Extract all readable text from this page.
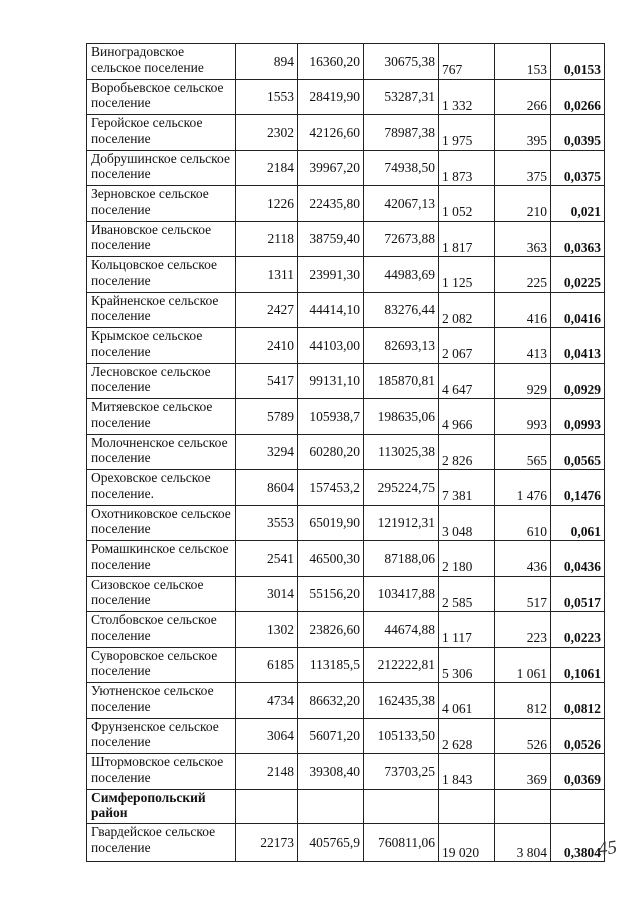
Виноградовское сельское поселение	894	16360,20	30675,38	767	153	0,0153
Воробьевское сельское поселение	1553	28419,90	53287,31	1 332	266	0,0266
Геройское сельское поселение	2302	42126,60	78987,38	1 975	395	0,0395
Добрушинское сельское поселение	2184	39967,20	74938,50	1 873	375	0,0375
Зерновское сельское поселение	1226	22435,80	42067,13	1 052	210	0,021
Ивановское сельское поселение	2118	38759,40	72673,88	1 817	363	0,0363
Кольцовское сельское поселение	1311	23991,30	44983,69	1 125	225	0,0225
Крайненское сельское поселение	2427	44414,10	83276,44	2 082	416	0,0416
Крымское сельское поселение	2410	44103,00	82693,13	2 067	413	0,0413
Лесновское сельское поселение	5417	99131,10	185870,81	4 647	929	0,0929
Митяевское сельское поселение	5789	105938,7	198635,06	4 966	993	0,0993
Молочненское сельское поселение	3294	60280,20	113025,38	2 826	565	0,0565
Ореховское сельское поселение.	8604	157453,2	295224,75	7 381	1 476	0,1476
Охотниковское сельское поселение	3553	65019,90	121912,31	3 048	610	0,061
Ромашкинское сельское поселение	2541	46500,30	87188,06	2 180	436	0,0436
Сизовское сельское поселение	3014	55156,20	103417,88	2 585	517	0,0517
Столбовское сельское поселение	1302	23826,60	44674,88	1 117	223	0,0223
Суворовское сельское поселение	6185	113185,5	212222,81	5 306	1 061	0,1061
Уютненское сельское поселение	4734	86632,20	162435,38	4 061	812	0,0812
Фрунзенское сельское поселение	3064	56071,20	105133,50	2 628	526	0,0526
Штормовское сельское поселение	2148	39308,40	73703,25	1 843	369	0,0369
Симферопольский район						
Гвардейское сельское поселение	22173	405765,9	760811,06	19 020	3 804	0,3804
45
